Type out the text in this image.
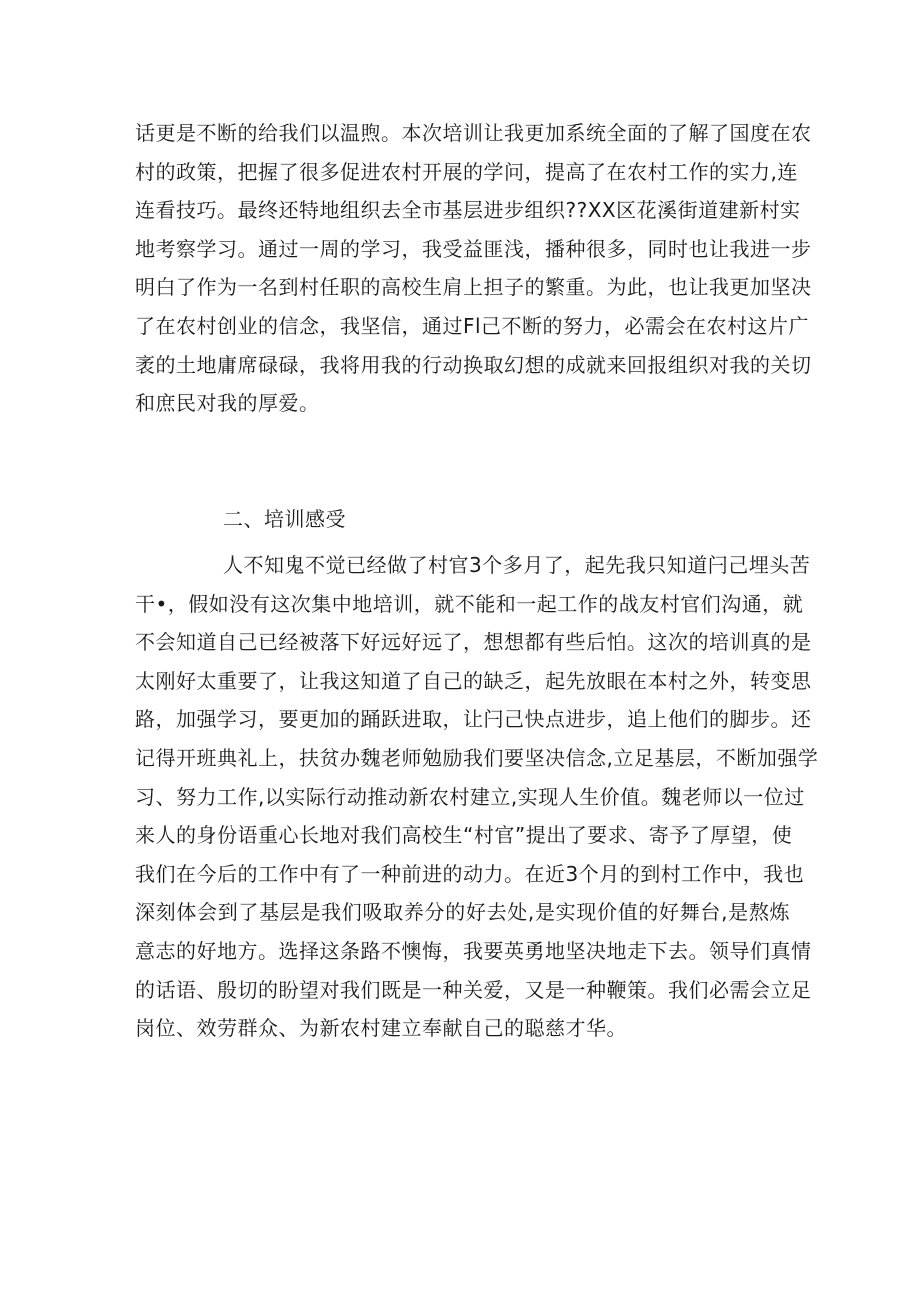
话更是不断的给我们以温煦。本次培训让我更加系统全面的了解了国度在农
村的政策，把握了很多促进农村开展的学问，提高了在农村工作的实力,连
连看技巧。最终还特地组织去全市基层进步组织??XX区花溪街道建新村实
地考察学习。通过一周的学习，我受益匪浅，播种很多，同时也让我进一步
明白了作为一名到村任职的高校生肩上担子的繁重。为此，也让我更加坚决
了在农村创业的信念，我坚信，通过Fl己不断的努力，必需会在农村这片广
袤的土地庸席碌碌，我将用我的行动换取幻想的成就来回报组织对我的关切
和庶民对我的厚爱。
二、培训感受
人不知鬼不觉已经做了村官3个多月了，起先我只知道闩己埋头苦
干•，假如没有这次集中地培训，就不能和一起工作的战友村官们沟通，就
不会知道自己已经被落下好远好远了，想想都有些后怕。这次的培训真的是
太刚好太重要了，让我这知道了自己的缺乏，起先放眼在本村之外，转变思
路，加强学习，要更加的踊跃进取，让闩己快点进步，追上他们的脚步。还
记得开班典礼上，扶贫办魏老师勉励我们要坚决信念,立足基层，不断加强学
习、努力工作,以实际行动推动新农村建立,实现人生价值。魏老师以一位过
来人的身份语重心长地对我们高校生“村官”提出了要求、寄予了厚望，使
我们在今后的工作中有了一种前进的动力。在近3个月的到村工作中，我也
深刻体会到了基层是我们吸取养分的好去处,是实现价值的好舞台,是熬炼
意志的好地方。选择这条路不懊悔，我要英勇地坚决地走下去。领导们真情
的话语、殷切的盼望对我们既是一种关爱，又是一种鞭策。我们必需会立足
岗位、效劳群众、为新农村建立奉献自己的聪慈才华。
